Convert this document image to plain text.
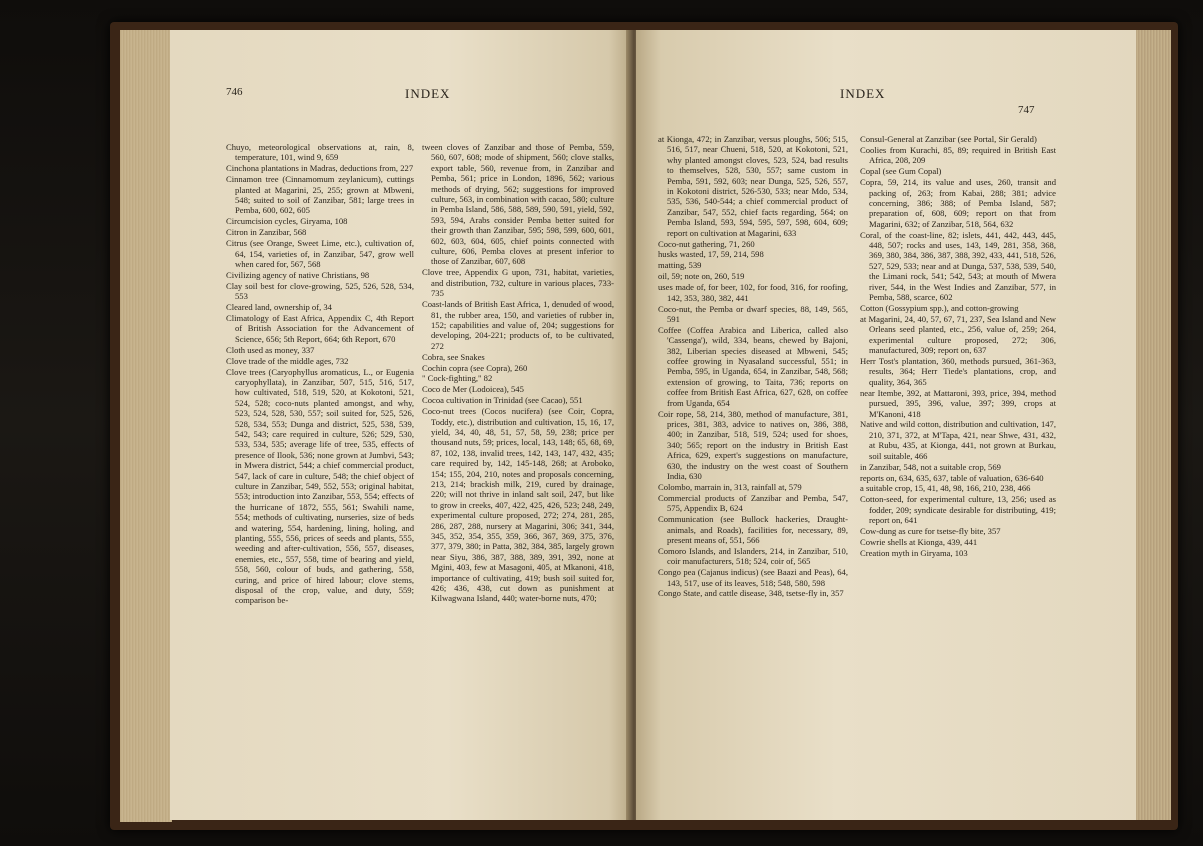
746	INDEX

Chuyo, meteorological observations at, rain, 8, temperature, 101, wind 9, 659

Cinchona plantations in Madras, deductions from, 227

Cinnamon tree (Cinnamomum zeylanicum), cuttings planted at Magarini, 25, 255; grown at Mbweni, 548; suited to soil of Zanzibar, 581; large trees in Pemba, 600, 602, 605

Circumcision cycles, Giryama, 108

Citron in Zanzibar, 568

Citrus (see Orange, Sweet Lime, etc.), cultivation of, 64, 154, varieties of, in Zanzibar, 547, grow well when cared for, 567, 568

Civilizing agency of native Christians, 98

Clay soil best for clove-growing, 525, 526, 528, 534, 553

Cleared land, ownership of, 34

Climatology of East Africa, Appendix C, 4th Report of British Association for the Advancement of Science, 656; 5th Report, 664; 6th Report, 670

Cloth used as money, 337

Clove trade of the middle ages, 732

Clove trees (Caryophyllus aromaticus, L., or Eugenia caryophyllata), in Zanzibar, 507, 515, 516, 517, how cultivated, 518, 519, 520, at Kokotoni, 521, 524, 528; coco-nuts planted amongst, and why, 523, 524, 528, 530, 557; soil suited for, 525, 526, 528, 534, 553; Dunga and district, 525, 538, 539, 542, 543; care required in culture, 526; 529, 530, 533, 534, 535; average life of tree, 535, effects of presence of Ilook, 536; none grown at Jumbvi, 543; in Mwera district, 544; a chief commercial product, 547, lack of care in culture, 548; the chief object of culture in Zanzibar, 549, 552, 553; original habitat, 553; introduction into Zanzibar, 553, 554; effects of the hurricane of 1872, 555, 561; Swahili name, 554; methods of cultivating, nurseries, size of beds and watering, 554, hardening, lining, holing, and planting, 555, 556, prices of seeds and plants, 555, weeding and after-cultivation, 556, 557, diseases, enemies, etc., 557, 558, time of bearing and yield, 558, 560, colour of buds, and gathering, 558, curing, and price of hired labour; clove stems, disposal of the crop, value, and duty, 559; comparison be-

tween cloves of Zanzibar and those of Pemba, 559, 560, 607, 608; mode of shipment, 560; clove stalks, export table, 560, revenue from, in Zanzibar and Pemba, 561; price in London, 1896, 562; various methods of drying, 562; suggestions for improved culture, 563, in combination with cacao, 580; culture in Pemba Island, 586, 588, 589, 590, 591, yield, 592, 593, 594, Arabs consider Pemba better suited for their growth than Zanzibar, 595; 598, 599, 600, 601, 602, 603, 604, 605, chief points connected with culture, 606, Pemba cloves at present inferior to those of Zanzibar, 607, 608

Clove tree, Appendix G upon, 731, habitat, varieties, and distribution, 732, culture in various places, 733-735

Coast-lands of British East Africa, 1, denuded of wood, 81, the rubber area, 150, and varieties of rubber in, 152; capabilities and value of, 204; suggestions for developing, 204-221; products of, to be cultivated, 272

Cobra, see Snakes

Cochin copra (see Copra), 260

" Cock-fighting," 82

Coco de Mer (Lodoicea), 545

Cocoa cultivation in Trinidad (see Cacao), 551

Coco-nut trees (Cocos nucifera) (see Coir, Copra, Toddy, etc.), distribution and cultivation, 15, 16, 17, yield, 34, 40, 48, 51, 57, 58, 59, 238; price per thousand nuts, 59; prices, local, 143, 148; 65, 68, 69, 87, 102, 138, invalid trees, 142, 143, 147, 432, 435; care required by, 142, 145-148, 268; at Aroboko, 154; 155, 204, 210, notes and proposals concerning, 213, 214; brackish milk, 219, cured by drainage, 220; will not thrive in inland salt soil, 247, but like to grow in creeks, 407, 422, 425, 426, 523; 248, 249, experimental culture proposed, 272; 274, 281, 285, 286, 287, 288, nursery at Magarini, 306; 341, 344, 345, 352, 354, 355, 359, 366, 367, 369, 375, 376, 377, 379, 380; in Patta, 382, 384, 385, largely grown near Siyu, 386, 387, 388, 389, 391, 392, none at Mgini, 403, few at Masagoni, 405, at Mkanoni, 418, importance of cultivating, 419; bush soil suited for, 426; 436, 438, cut down as punishment at Kilwagwana Island, 440; water-borne nuts, 470;

INDEX
747

at Kionga, 472; in Zanzibar, versus ploughs, 506; 515, 516, 517, near Chueni, 518, 520, at Kokotoni, 521, why planted amongst cloves, 523, 524, bad results to themselves, 528, 530, 557; same custom in Pemba, 591, 592, 603; near Dunga, 525, 526, 557, in Kokotoni district, 526-530, 533; near Mdo, 534, 535, 536, 540-544; a chief commercial product of Zanzibar, 547, 552, chief facts regarding, 564; on Pemba Island, 593, 594, 595, 597, 598, 604, 609; report on cultivation at Magarini, 633

Coco-nut gathering, 71, 260

husks wasted, 17, 59, 214, 598

matting, 539

oil, 59; note on, 260, 519

uses made of, for beer, 102, for food, 316, for roofing, 142, 353, 380, 382, 441

Coco-nut, the Pemba or dwarf species, 88, 149, 565, 591

Coffee (Coffea Arabica and Liberica, called also 'Cassenga'), wild, 334, beans, chewed by Bajoni, 382, Liberian species diseased at Mbweni, 545; coffee growing in Nyasaland successful, 551; in Pemba, 595, in Uganda, 654, in Zanzibar, 548, 568; extension of growing, to Taita, 736; reports on coffee from British East Africa, 627, 628, on coffee from Uganda, 654

Coir rope, 58, 214, 380, method of manufacture, 381, prices, 381, 383, advice to natives on, 386, 388, 400; in Zanzibar, 518, 519, 524; used for shoes, 340; 565; report on the industry in British East Africa, 629, expert's suggestions on manufacture, 630, the industry on the west coast of Southern India, 630

Colombo, marrain in, 313, rainfall at, 579

Commercial products of Zanzibar and Pemba, 547, 575, Appendix B, 624

Communication (see Bullock hackeries, Draught-animals, and Roads), facilities for, necessary, 89, present means of, 551, 566

Comoro Islands, and Islanders, 214, in Zanzibar, 510, coir manufacturers, 518; 524, coir of, 565

Congo pea (Cajanus indicus) (see Baazi and Peas), 64, 143, 517, use of its leaves, 518; 548, 580, 598

Congo State, and cattle disease, 348, tsetse-fly in, 357

Consul-General at Zanzibar (see Portal, Sir Gerald)

Coolies from Kurachi, 85, 89; required in British East Africa, 208, 209

Copal (see Gum Copal)

Copra, 59, 214, its value and uses, 260, transit and packing of, 263; from Kabai, 288; 381; advice concerning, 386; 388; of Pemba Island, 587; preparation of, 608, 609; report on that from Magarini, 632; of Zanzibar, 518, 564, 632

Coral, of the coast-line, 82; islets, 441, 442, 443, 445, 448, 507; rocks and uses, 143, 149, 281, 358, 368, 369, 380, 384, 386, 387, 388, 392, 433, 441, 518, 526, 527, 529, 533; near and at Dunga, 537, 538, 539, 540, the Limani rock, 541; 542, 543; at mouth of Mwera river, 544, in the West Indies and Zanzibar, 577, in Pemba, 588, scarce, 602

Cotton (Gossypium spp.), and cotton-growing

at Magarini, 24, 40, 57, 67, 71, 237, Sea Island and New Orleans seed planted, etc., 256, value of, 259; 264, experimental culture proposed, 272; 306, manufactured, 309; report on, 637

Herr Tost's plantation, 360, methods pursued, 361-363, results, 364; Herr Tiede's plantations, crop, and quality, 364, 365

near Itembe, 392, at Mattaroni, 393, price, 394, method pursued, 395, 396, value, 397; 399, crops at M'Kanoni, 418

Native and wild cotton, distribution and cultivation, 147, 210, 371, 372, at M'Tapa, 421, near Shwe, 431, 432, at Rubu, 435, at Kionga, 441, not grown at Burkau, soil suitable, 466

in Zanzibar, 548, not a suitable crop, 569

reports on, 634, 635, 637, table of valuation, 636-640

a suitable crop, 15, 41, 48, 98, 166, 210, 238, 466

Cotton-seed, for experimental culture, 13, 256; used as fodder, 209; syndicate desirable for distributing, 419; report on, 641

Cow-dung as cure for tsetse-fly bite, 357

Cowrie shells at Kionga, 439, 441

Creation myth in Giryama, 103
